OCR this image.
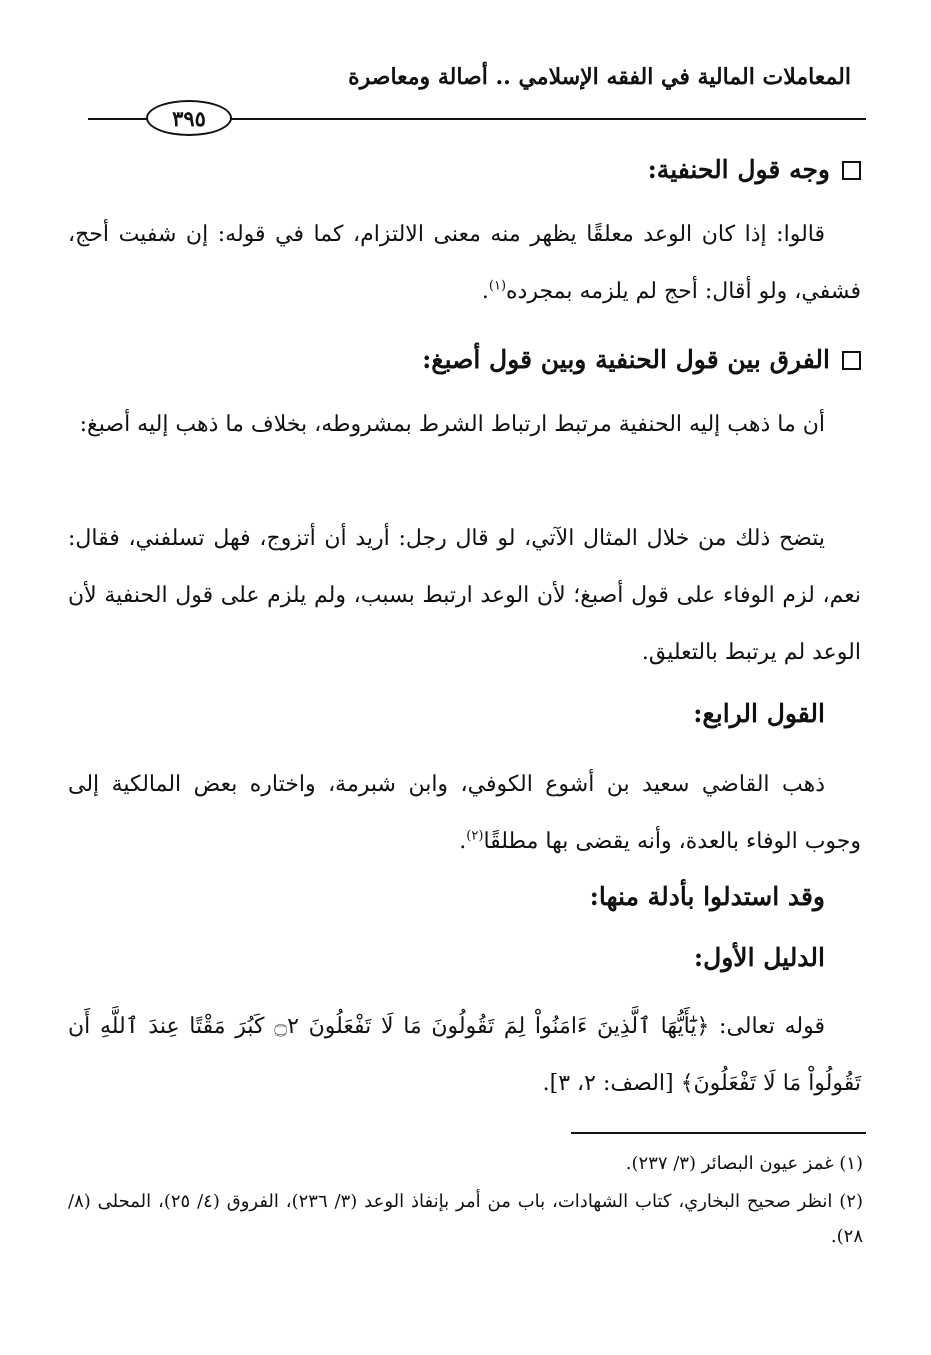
المعاملات المالية في الفقه الإسلامي .. أصالة ومعاصرة
٣٩٥
وجه قول الحنفية:
قالوا: إذا كان الوعد معلقًا يظهر منه معنى الالتزام، كما في قوله: إن شفيت أحج، فشفي، ولو أقال: أحج لم يلزمه بمجرده$^{(١)}$.
الفرق بين قول الحنفية وبين قول أصبغ:
أن ما ذهب إليه الحنفية مرتبط ارتباط الشرط بمشروطه، بخلاف ما ذهب إليه أصبغ:
يتضح ذلك من خلال المثال الآتي، لو قال رجل: أريد أن أتزوج، فهل تسلفني، فقال: نعم، لزم الوفاء على قول أصبغ؛ لأن الوعد ارتبط بسبب، ولم يلزم على قول الحنفية لأن الوعد لم يرتبط بالتعليق.
القول الرابع:
ذهب القاضي سعيد بن أشوع الكوفي، وابن شبرمة، واختاره بعض المالكية إلى وجوب الوفاء بالعدة، وأنه يقضى بها مطلقًا$^{(٢)}$.
وقد استدلوا بأدلة منها:
الدليل الأول:
قوله تعالى: ﴿يَٰٓأَيُّهَا ٱلَّذِينَ ءَامَنُواْ لِمَ تَقُولُونَ مَا لَا تَفْعَلُونَ ۝٢ كَبُرَ مَقْتًا عِندَ ٱللَّهِ أَن تَقُولُواْ مَا لَا تَفْعَلُونَ﴾ [الصف: ٢، ٣].
(١) غمز عيون البصائر (٣/ ٢٣٧).
(٢) انظر صحيح البخاري، كتاب الشهادات، باب من أمر بإنفاذ الوعد (٣/ ٢٣٦)، الفروق (٤/ ٢٥)، المحلى (٨/ ٢٨).
